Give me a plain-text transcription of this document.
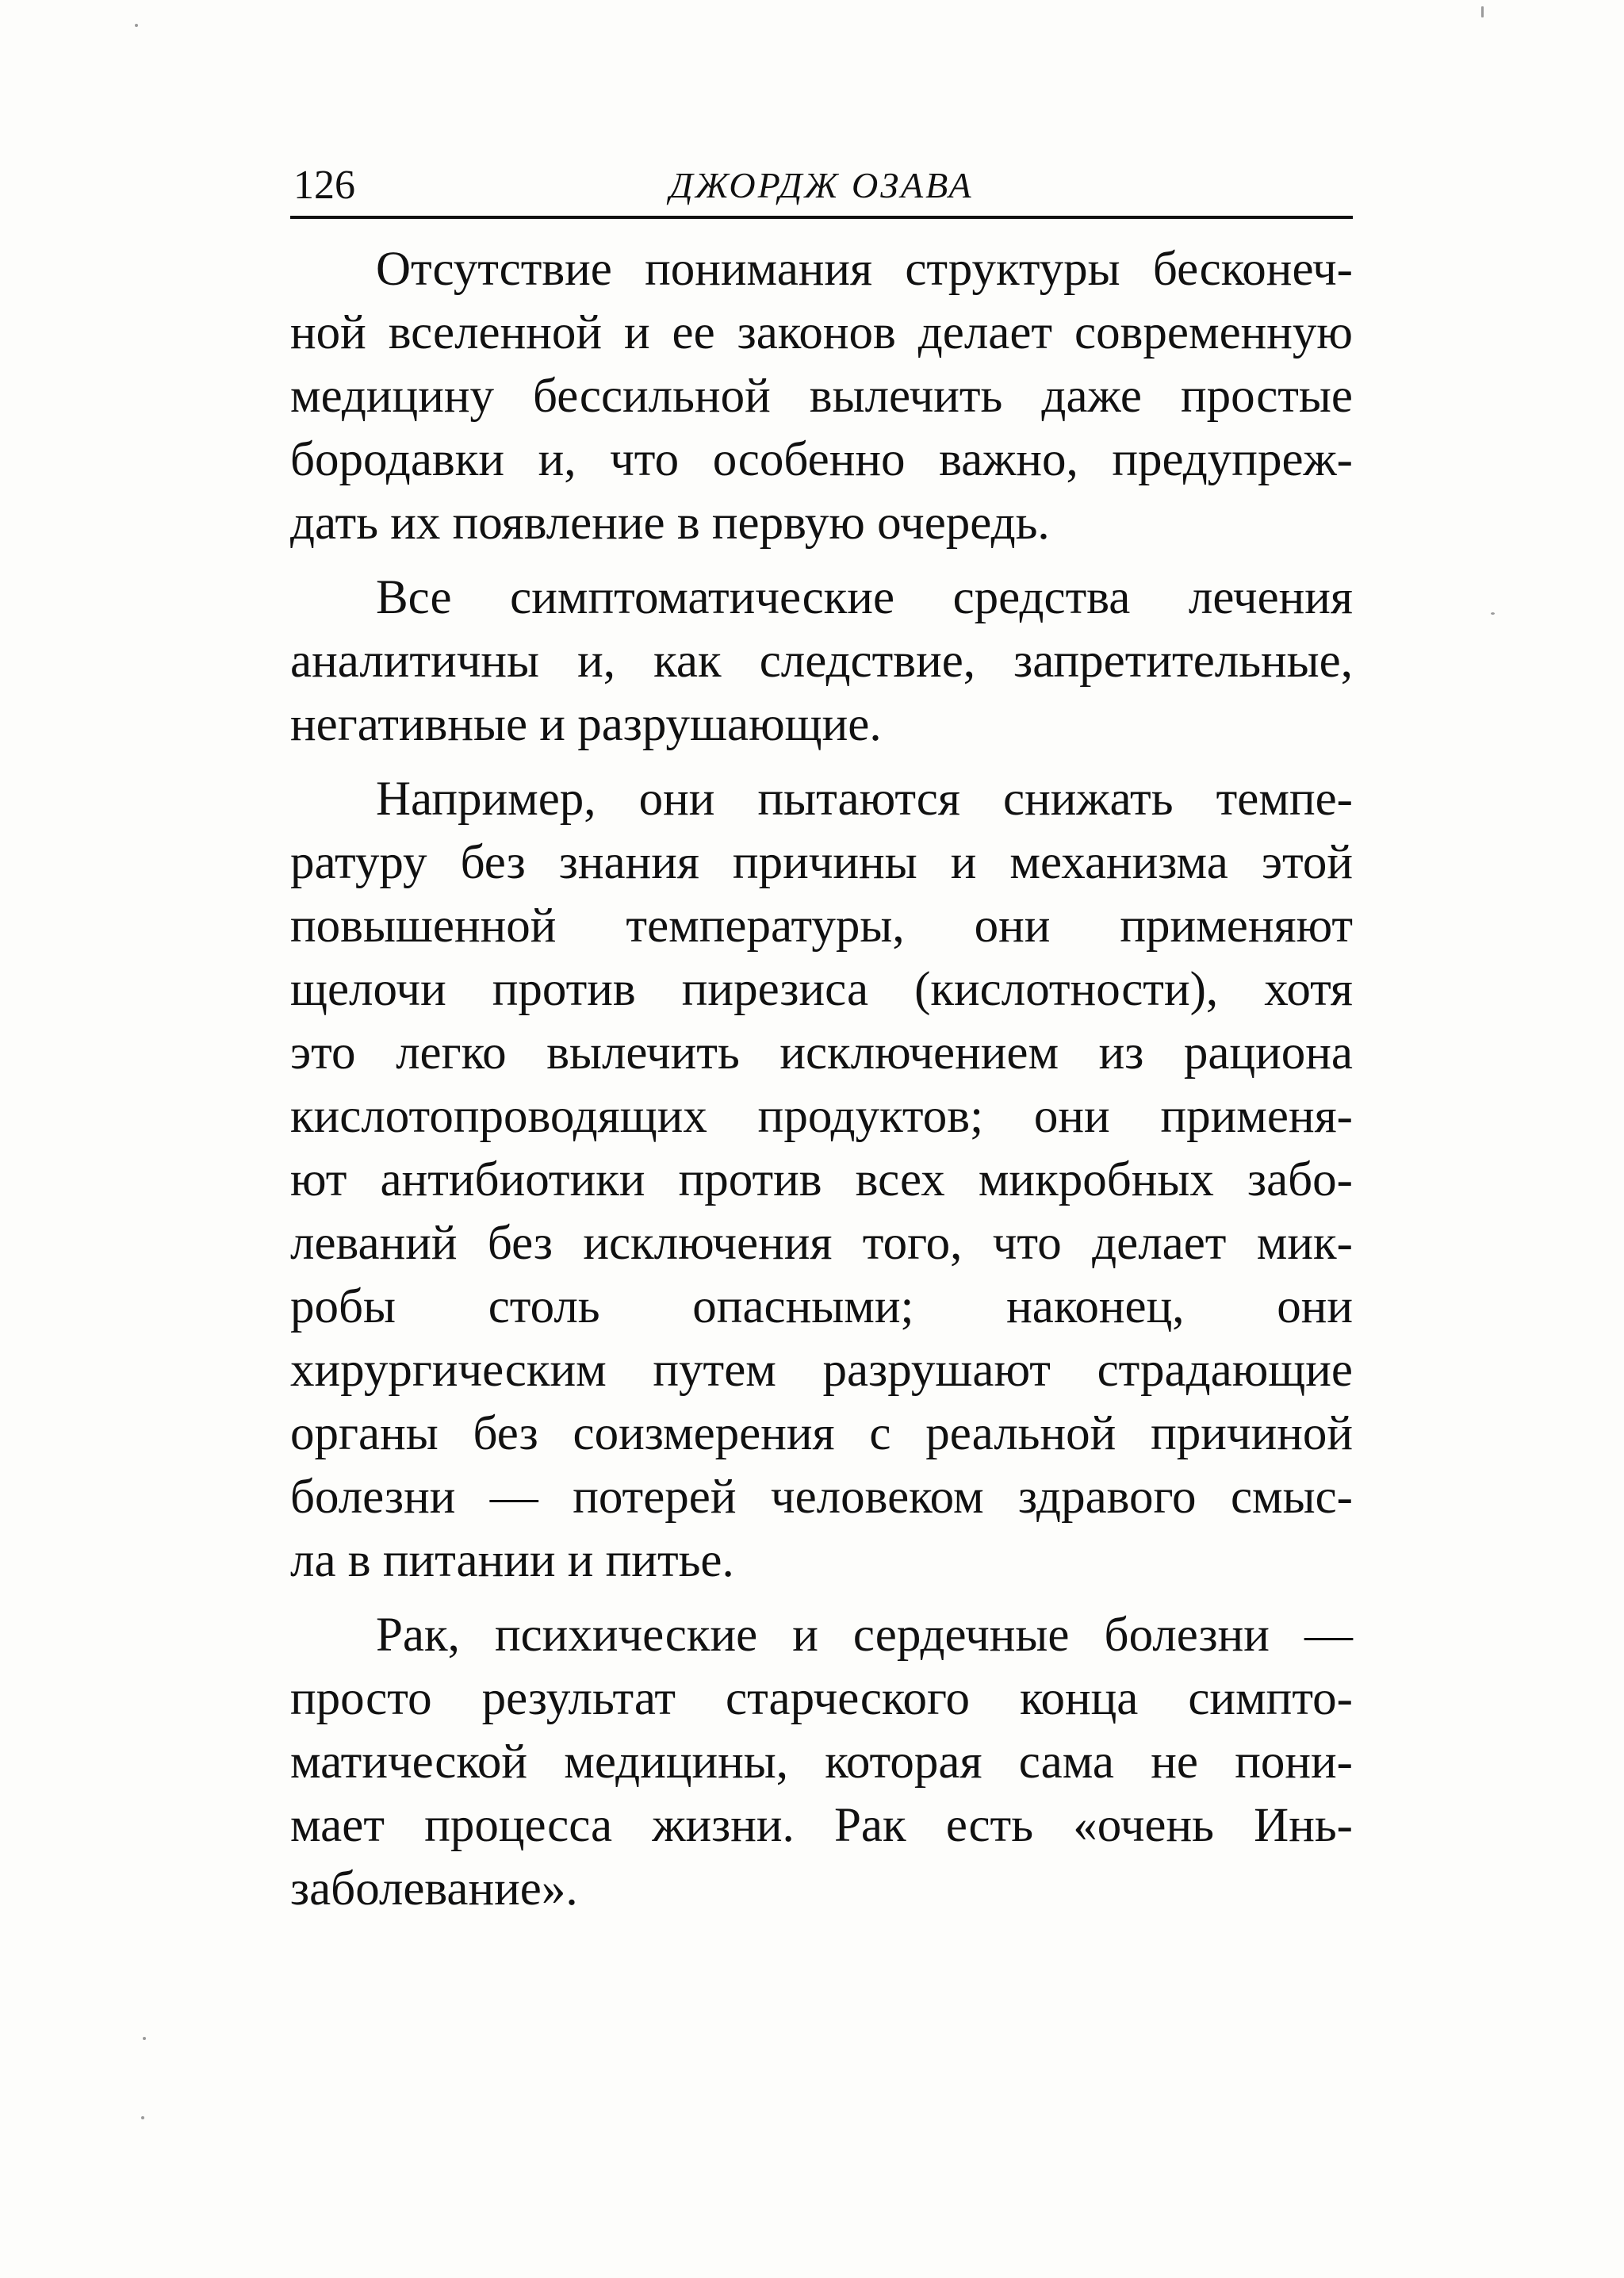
126	ДЖОРДЖ ОЗАВА

Отсутствие понимания структуры бесконеч-
ной вселенной и ее законов делает современную
медицину бессильной вылечить даже простые
бородавки и, что особенно важно, предупреж-
дать их появление в первую очередь.

Все симптоматические средства лечения
аналитичны и, как следствие, запретительные,
негативные и разрушающие.

Например, они пытаются снижать темпе-
ратуру без знания причины и механизма этой
повышенной температуры, они применяют
щелочи против пирезиса (кислотности), хотя
это легко вылечить исключением из рациона
кислотопроводящих продуктов; они применя-
ют антибиотики против всех микробных забо-
леваний без исключения того, что делает мик-
робы столь опасными; наконец, они
хирургическим путем разрушают страдающие
органы без соизмерения с реальной причиной
болезни — потерей человеком здравого смыс-
ла в питании и питье.

Рак, психические и сердечные болезни —
просто результат старческого конца симпто-
матической медицины, которая сама не пони-
мает процесса жизни. Рак есть «очень Инь-
заболевание».
